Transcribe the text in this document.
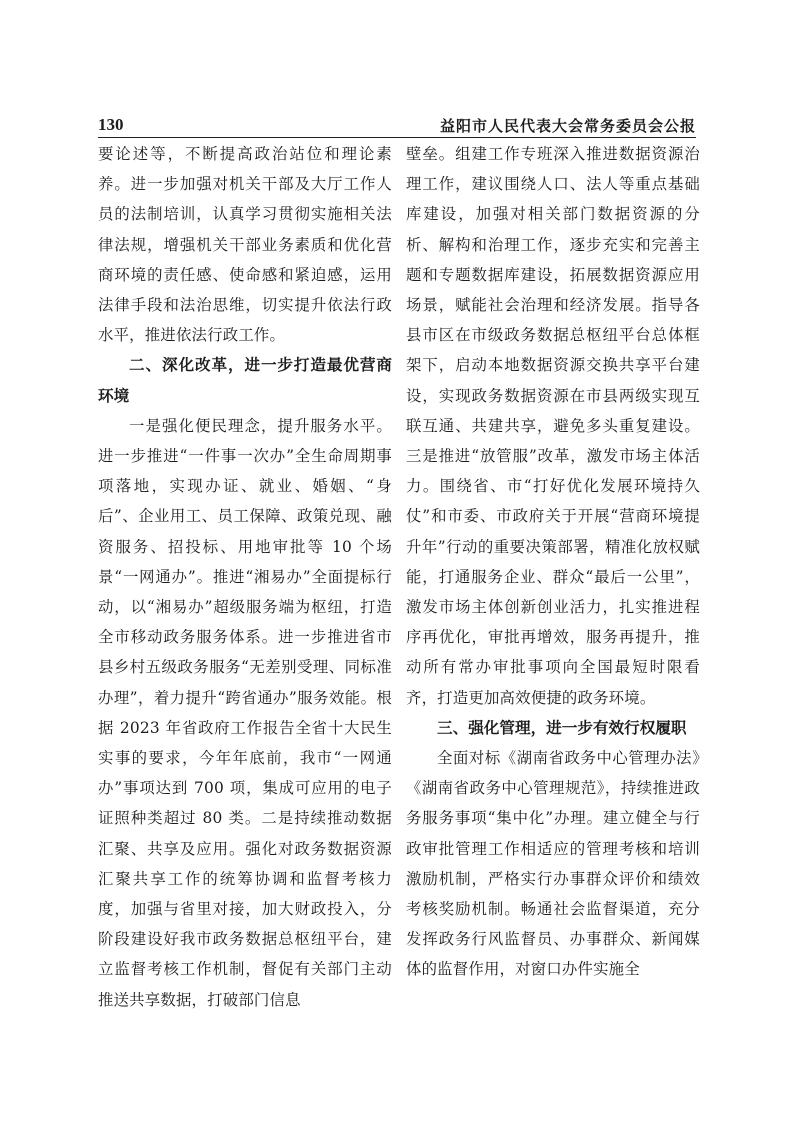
130	益阳市人民代表大会常务委员会公报

要论述等，不断提高政治站位和理论素养。进一步加强对机关干部及大厅工作人员的法制培训，认真学习贯彻实施相关法律法规，增强机关干部业务素质和优化营商环境的责任感、使命感和紧迫感，运用法律手段和法治思维，切实提升依法行政水平，推进依法行政工作。

二、深化改革，进一步打造最优营商环境

一是强化便民理念，提升服务水平。进一步推进“一件事一次办”全生命周期事项落地，实现办证、就业、婚姻、“身后”、企业用工、员工保障、政策兑现、融资服务、招投标、用地审批等 10 个场景“一网通办”。推进“湘易办”全面提标行动，以“湘易办”超级服务端为枢纽，打造全市移动政务服务体系。进一步推进省市县乡村五级政务服务“无差别受理、同标准办理”，着力提升“跨省通办”服务效能。根据 2023 年省政府工作报告全省十大民生实事的要求，今年年底前，我市“一网通办”事项达到 700 项，集成可应用的电子证照种类超过 80 类。二是持续推动数据汇聚、共享及应用。强化对政务数据资源汇聚共享工作的统筹协调和监督考核力度，加强与省里对接，加大财政投入，分阶段建设好我市政务数据总枢纽平台，建立监督考核工作机制，督促有关部门主动推送共享数据，打破部门信息

壁垒。组建工作专班深入推进数据资源治理工作，建议围绕人口、法人等重点基础库建设，加强对相关部门数据资源的分析、解构和治理工作，逐步充实和完善主题和专题数据库建设，拓展数据资源应用场景，赋能社会治理和经济发展。指导各县市区在市级政务数据总枢纽平台总体框架下，启动本地数据资源交换共享平台建设，实现政务数据资源在市县两级实现互联互通、共建共享，避免多头重复建设。三是推进“放管服”改革，激发市场主体活力。围绕省、市“打好优化发展环境持久仗”和市委、市政府关于开展“营商环境提升年”行动的重要决策部署，精准化放权赋能，打通服务企业、群众“最后一公里”，激发市场主体创新创业活力，扎实推进程序再优化，审批再增效，服务再提升，推动所有常办审批事项向全国最短时限看齐，打造更加高效便捷的政务环境。

三、强化管理，进一步有效行权履职

全面对标《湖南省政务中心管理办法》《湖南省政务中心管理规范》，持续推进政务服务事项“集中化”办理。建立健全与行政审批管理工作相适应的管理考核和培训激励机制，严格实行办事群众评价和绩效考核奖励机制。畅通社会监督渠道，充分发挥政务行风监督员、办事群众、新闻媒体的监督作用，对窗口办件实施全
